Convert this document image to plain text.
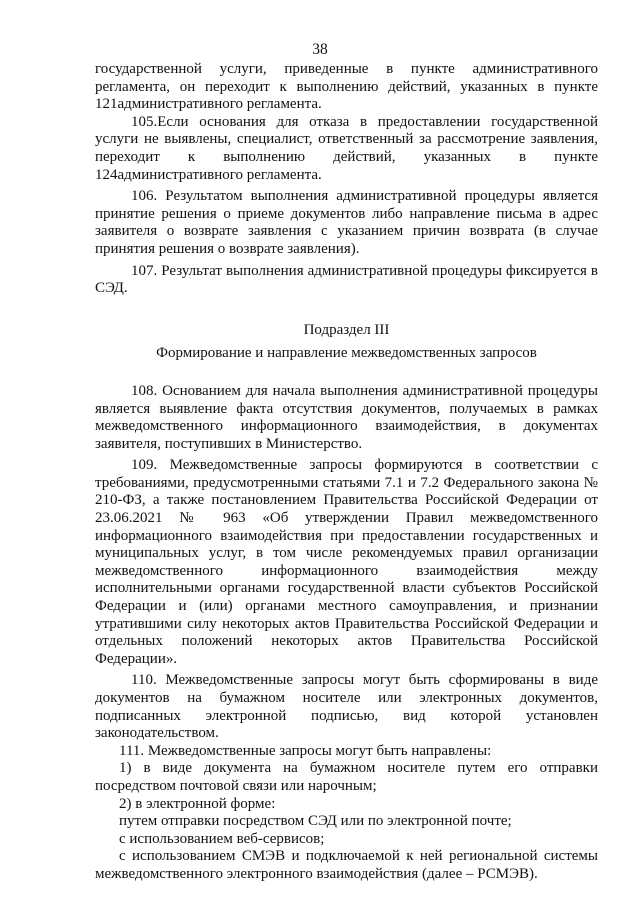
38

государственной услуги, приведенные в пункте административного регламента, он переходит к выполнению действий, указанных в пункте 121административного регламента.

105.Если основания для отказа в предоставлении государственной услуги не выявлены, специалист, ответственный за рассмотрение заявления, переходит к выполнению действий, указанных в пункте 124административного регламента.

106. Результатом выполнения административной процедуры является принятие решения о приеме документов либо направление письма в адрес заявителя о возврате заявления с указанием причин возврата (в случае принятия решения о возврате заявления).

107. Результат выполнения административной процедуры фиксируется в СЭД.

Подраздел III

Формирование и направление межведомственных запросов

108. Основанием для начала выполнения административной процедуры является выявление факта отсутствия документов, получаемых в рамках межведомственного информационного взаимодействия, в документах заявителя, поступивших в Министерство.

109. Межведомственные запросы формируются в соответствии с требованиями, предусмотренными статьями 7.1 и 7.2 Федерального закона № 210-ФЗ, а также постановлением Правительства Российской Федерации от 23.06.2021 № 963 «Об утверждении Правил межведомственного информационного взаимодействия при предоставлении государственных и муниципальных услуг, в том числе рекомендуемых правил организации межведомственного информационного взаимодействия между исполнительными органами государственной власти субъектов Российской Федерации и (или) органами местного самоуправления, и признании утратившими силу некоторых актов Правительства Российской Федерации и отдельных положений некоторых актов Правительства Российской Федерации».

110. Межведомственные запросы могут быть сформированы в виде документов на бумажном носителе или электронных документов, подписанных электронной подписью, вид которой установлен законодательством.

111. Межведомственные запросы могут быть направлены:

1) в виде документа на бумажном носителе путем его отправки посредством почтовой связи или нарочным;

2) в электронной форме:

путем отправки посредством СЭД или по электронной почте;

с использованием веб-сервисов;

с использованием СМЭВ и подключаемой к ней региональной системы межведомственного электронного взаимодействия (далее – РСМЭВ).
